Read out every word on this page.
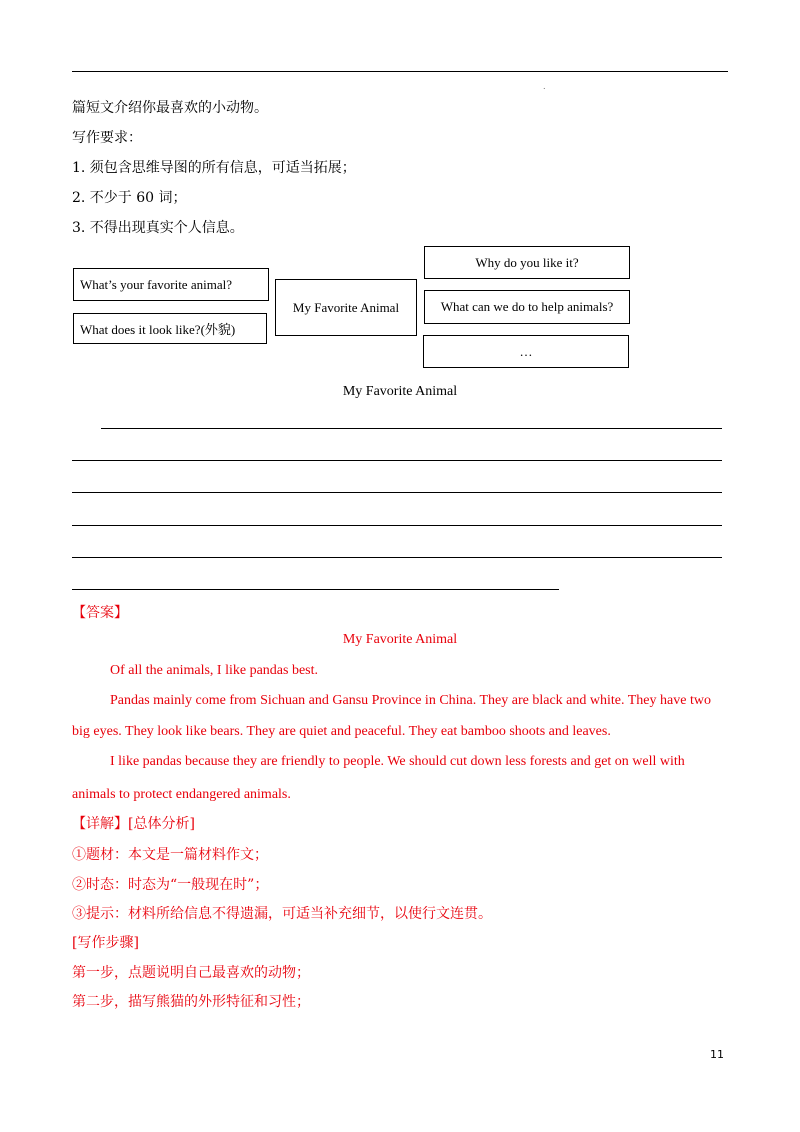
.
篇短文介绍你最喜欢的小动物。
写作要求：
1. 须包含思维导图的所有信息，可适当拓展；
2. 不少于 60 词；
3. 不得出现真实个人信息。
What’s your favorite animal?
What does it look like?(外貌)
My Favorite Animal
Why do you like it?
What can we do to help animals?
…
My Favorite Animal
【答案】
My Favorite Animal
Of all the animals, I like pandas best.
Pandas mainly come from Sichuan and Gansu Province in China. They are black and white. They have two
big eyes. They look like bears. They are quiet and peaceful. They eat bamboo shoots and leaves.
I like pandas because they are friendly to people. We should cut down less forests and get on well with
animals to protect endangered animals.
【详解】[总体分析]
①题材：本文是一篇材料作文；
②时态：时态为“一般现在时”；
③提示：材料所给信息不得遗漏，可适当补充细节，以使行文连贯。
[写作步骤]
第一步，点题说明自己最喜欢的动物；
第二步，描写熊猫的外形特征和习性；
11
